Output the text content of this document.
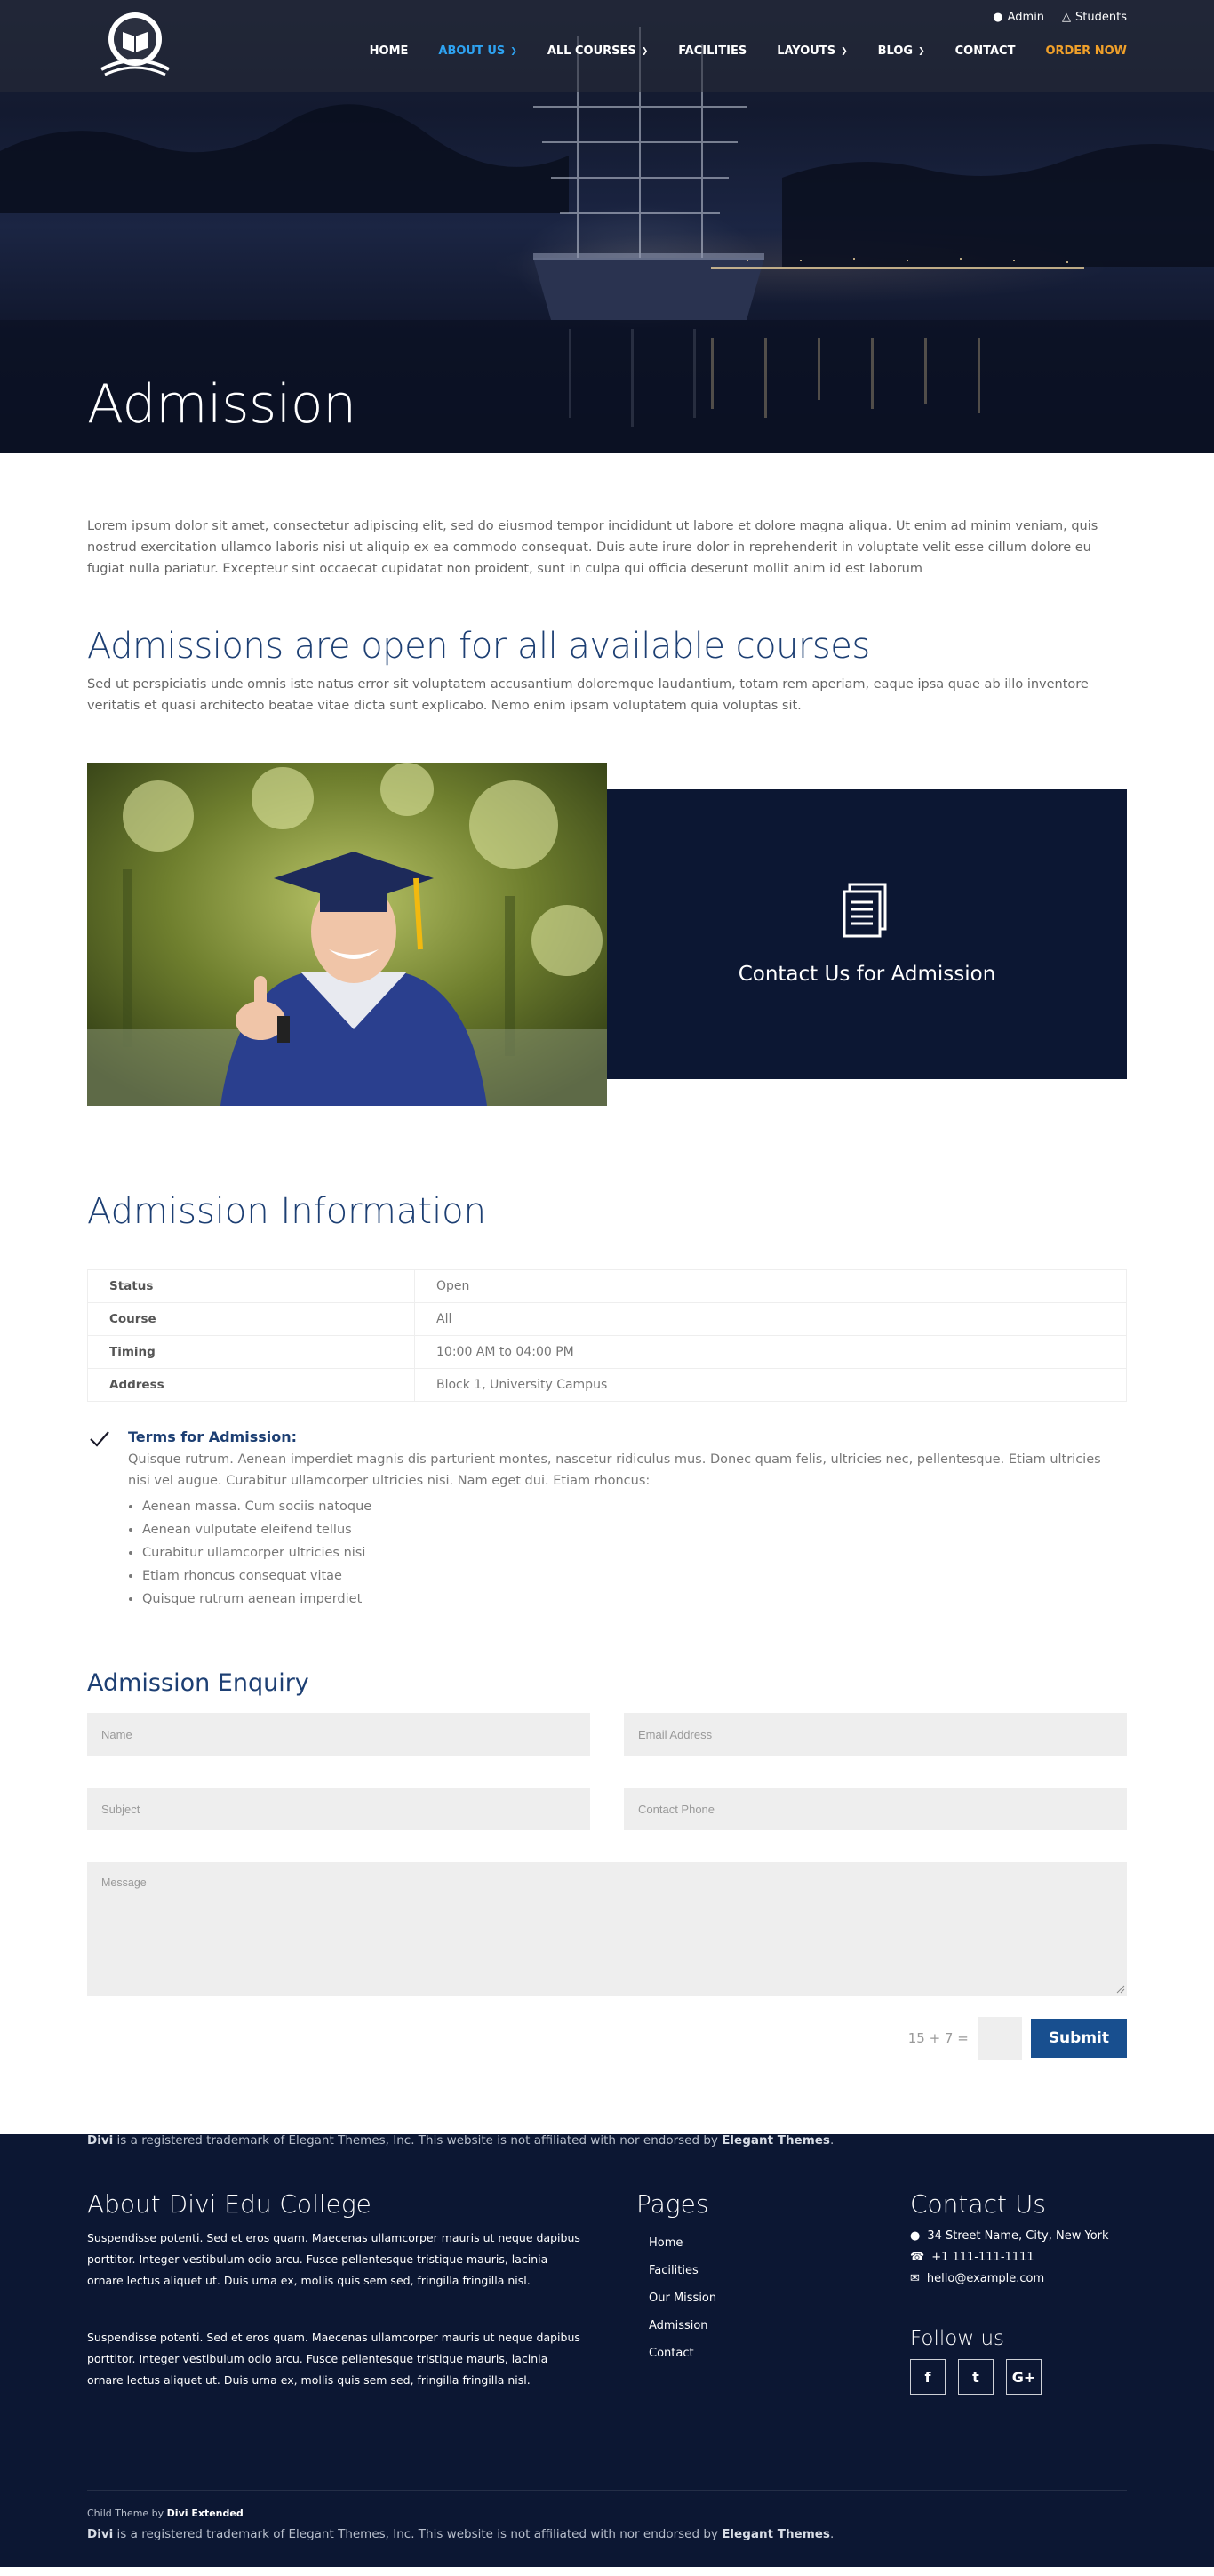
● Admin △ Students
HOME	ABOUT US ❯	ALL COURSES ❯	FACILITIES	LAYOUTS ❯	BLOG ❯	CONTACT	ORDER NOW
Admission

Lorem ipsum dolor sit amet, consectetur adipiscing elit, sed do eiusmod tempor incididunt ut labore et dolore magna aliqua. Ut enim ad minim veniam, quis nostrud exercitation ullamco laboris nisi ut aliquip ex ea commodo consequat. Duis aute irure dolor in reprehenderit in voluptate velit esse cillum dolore eu fugiat nulla pariatur. Excepteur sint occaecat cupidatat non proident, sunt in culpa qui officia deserunt mollit anim id est laborum

Admissions are open for all available courses

Sed ut perspiciatis unde omnis iste natus error sit voluptatem accusantium doloremque laudantium, totam rem aperiam, eaque ipsa quae ab illo inventore veritatis et quasi architecto beatae vitae dicta sunt explicabo. Nemo enim ipsam voluptatem quia voluptas sit.

Contact Us for Admission
Admission Information
Status	Open
Course	All
Timing	10:00 AM to 04:00 PM
Address	Block 1, University Campus
Terms for Admission:

Quisque rutrum. Aenean imperdiet magnis dis parturient montes, nascetur ridiculus mus. Donec quam felis, ultricies nec, pellentesque. Etiam ultricies nisi vel augue. Curabitur ullamcorper ultricies nisi. Nam eget dui. Etiam rhoncus:

• Aenean massa. Cum sociis natoque
• Aenean vulputate eleifend tellus
• Curabitur ullamcorper ultricies nisi
• Etiam rhoncus consequat vitae
• Quisque rutrum aenean imperdiet
Admission Enquiry
Name	Email Address
Subject	Contact Phone
Message
15 + 7 =	Submit

Divi is a registered trademark of Elegant Themes, Inc. This website is not affiliated with nor endorsed by Elegant Themes.

About Divi Edu College

Suspendisse potenti. Sed et eros quam. Maecenas ullamcorper mauris ut neque dapibus porttitor. Integer vestibulum odio arcu. Fusce pellentesque tristique mauris, lacinia ornare lectus aliquet ut. Duis urna ex, mollis quis sem sed, fringilla fringilla nisl.

Suspendisse potenti. Sed et eros quam. Maecenas ullamcorper mauris ut neque dapibus porttitor. Integer vestibulum odio arcu. Fusce pellentesque tristique mauris, lacinia ornare lectus aliquet ut. Duis urna ex, mollis quis sem sed, fringilla fringilla nisl.

Pages
Home
Facilities
Our Mission
Admission
Contact
Contact Us
● 34 Street Name, City, New York
☎ +1 111-111-1111
✉ hello@example.com
Follow us
f	t	G+

Child Theme by Divi Extended

Divi is a registered trademark of Elegant Themes, Inc. This website is not affiliated with nor endorsed by Elegant Themes.
